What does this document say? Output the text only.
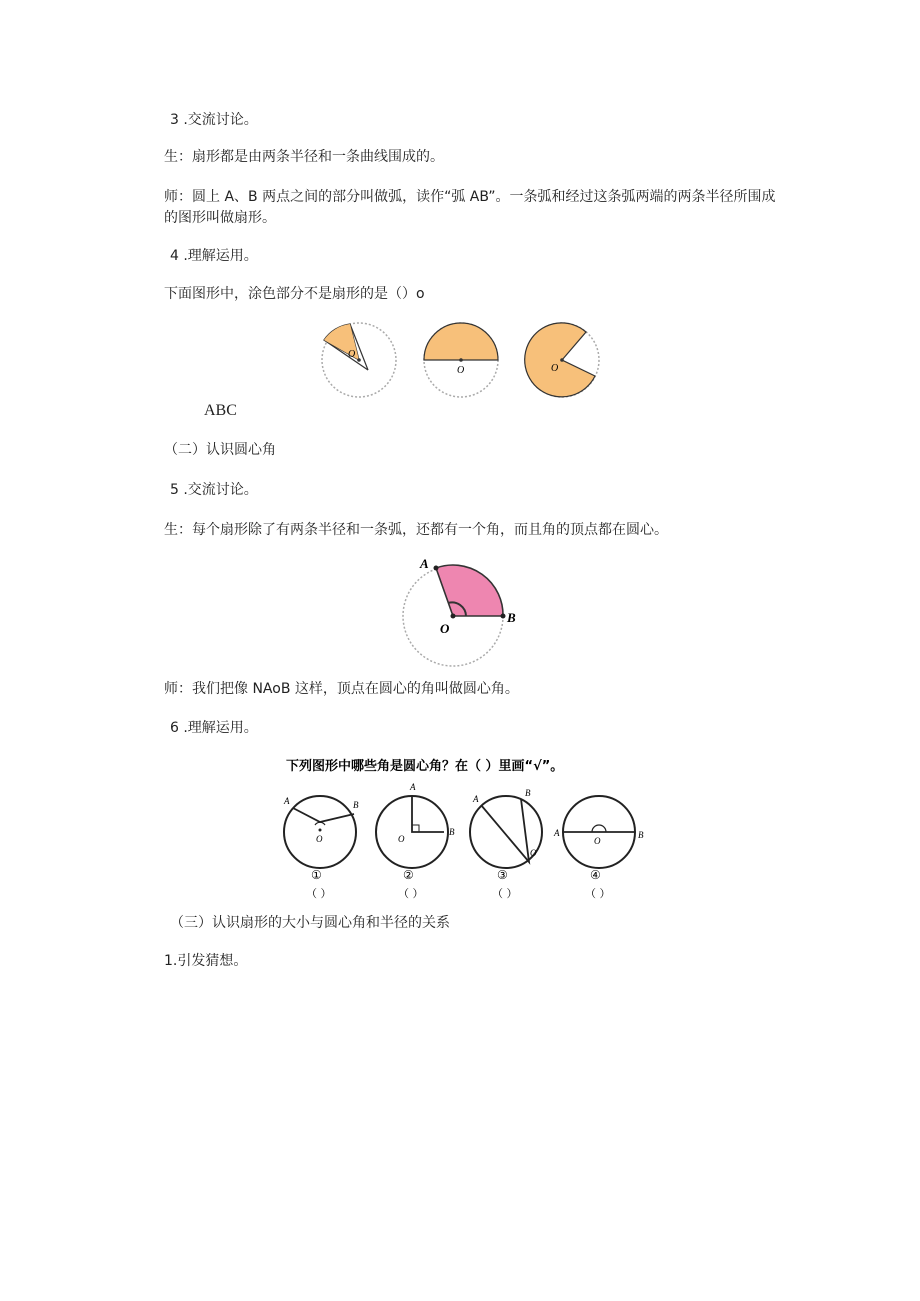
3 .交流讨论。
生：扇形都是由两条半径和一条曲线围成的。
师：圆上 A、B 两点之间的部分叫做弧，读作“弧 AB”。一条弧和经过这条弧两端的两条半径所围成的图形叫做扇形。
4 .理解运用。
下面图形中，涂色部分不是扇形的是（）o
O
O	O
ABC
（二）认识圆心角
5 .交流讨论。
生：每个扇形除了有两条半径和一条弧，还都有一个角，而且角的顶点都在圆心。
A
B
O
师：我们把像 NAoB 这样，顶点在圆心的角叫做圆心角。
6 .理解运用。
下列图形中哪些角是圆心角？在（ ）里画“√”。
A	B
O
①
（ ）
A
B
O
②
（ ）
A
B
O
③
（ ）
A	B
O
④
（ ）
（三）认识扇形的大小与圆心角和半径的关系
1.引发猜想。
